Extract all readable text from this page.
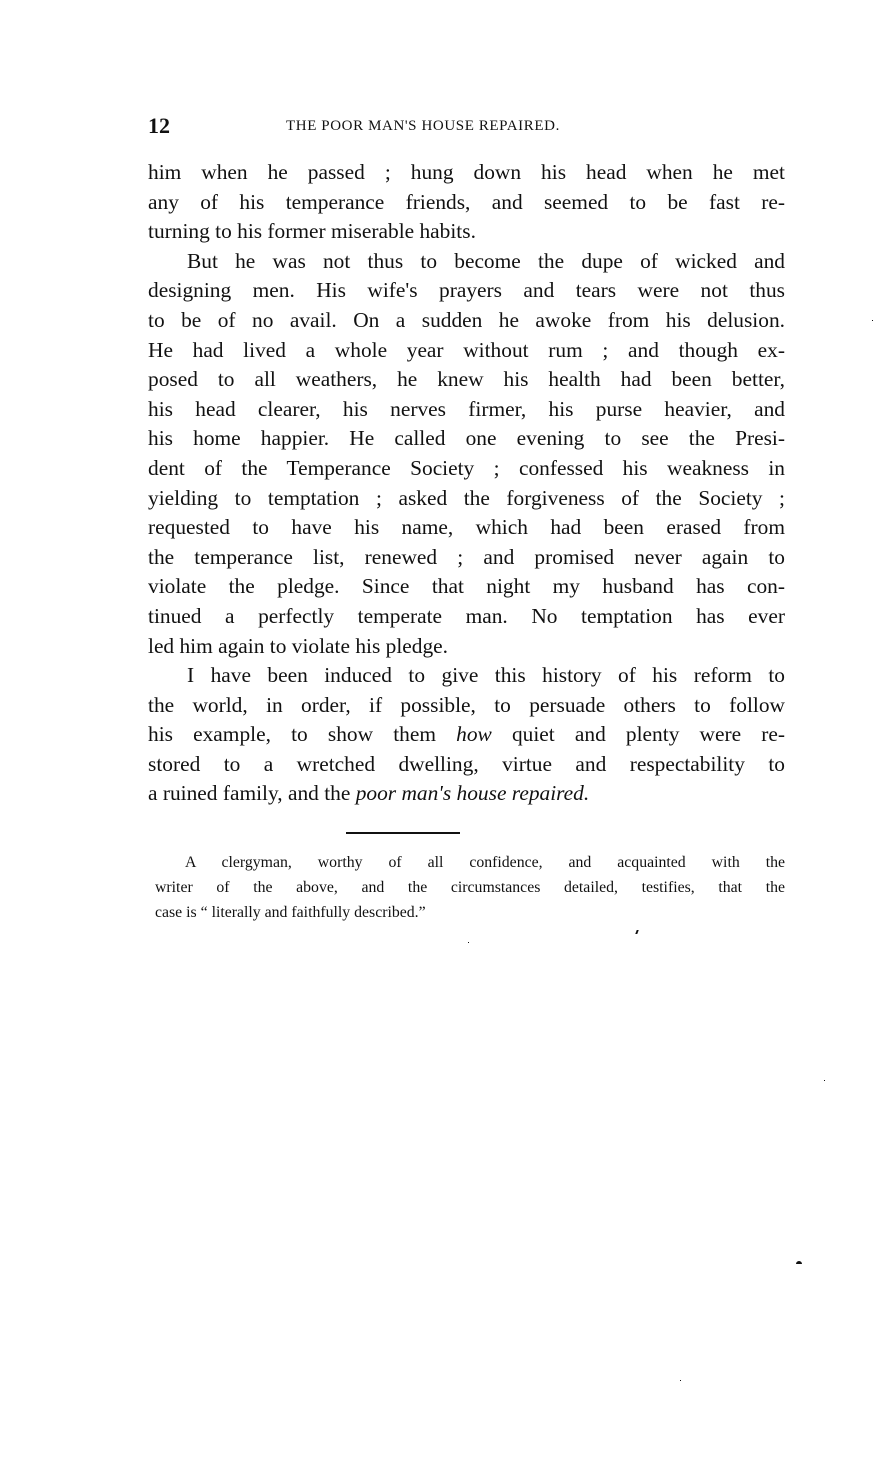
12	THE POOR MAN'S HOUSE REPAIRED.
him when he passed ; hung down his head when he met
any of his temperance friends, and seemed to be fast re-
turning to his former miserable habits.
But he was not thus to become the dupe of wicked and
designing men. His wife's prayers and tears were not thus
to be of no avail. On a sudden he awoke from his delusion.
He had lived a whole year without rum ; and though ex-
posed to all weathers, he knew his health had been better,
his head clearer, his nerves firmer, his purse heavier, and
his home happier. He called one evening to see the Presi-
dent of the Temperance Society ; confessed his weakness in
yielding to temptation ; asked the forgiveness of the Society ;
requested to have his name, which had been erased from
the temperance list, renewed ; and promised never again to
violate the pledge. Since that night my husband has con-
tinued a perfectly temperate man. No temptation has ever
led him again to violate his pledge.
I have been induced to give this history of his reform to
the world, in order, if possible, to persuade others to follow
his example, to show them how quiet and plenty were re-
stored to a wretched dwelling, virtue and respectability to
a ruined family, and the poor man's house repaired.
A clergyman, worthy of all confidence, and acquainted with the
writer of the above, and the circumstances detailed, testifies, that the
case is “ literally and faithfully described.”
